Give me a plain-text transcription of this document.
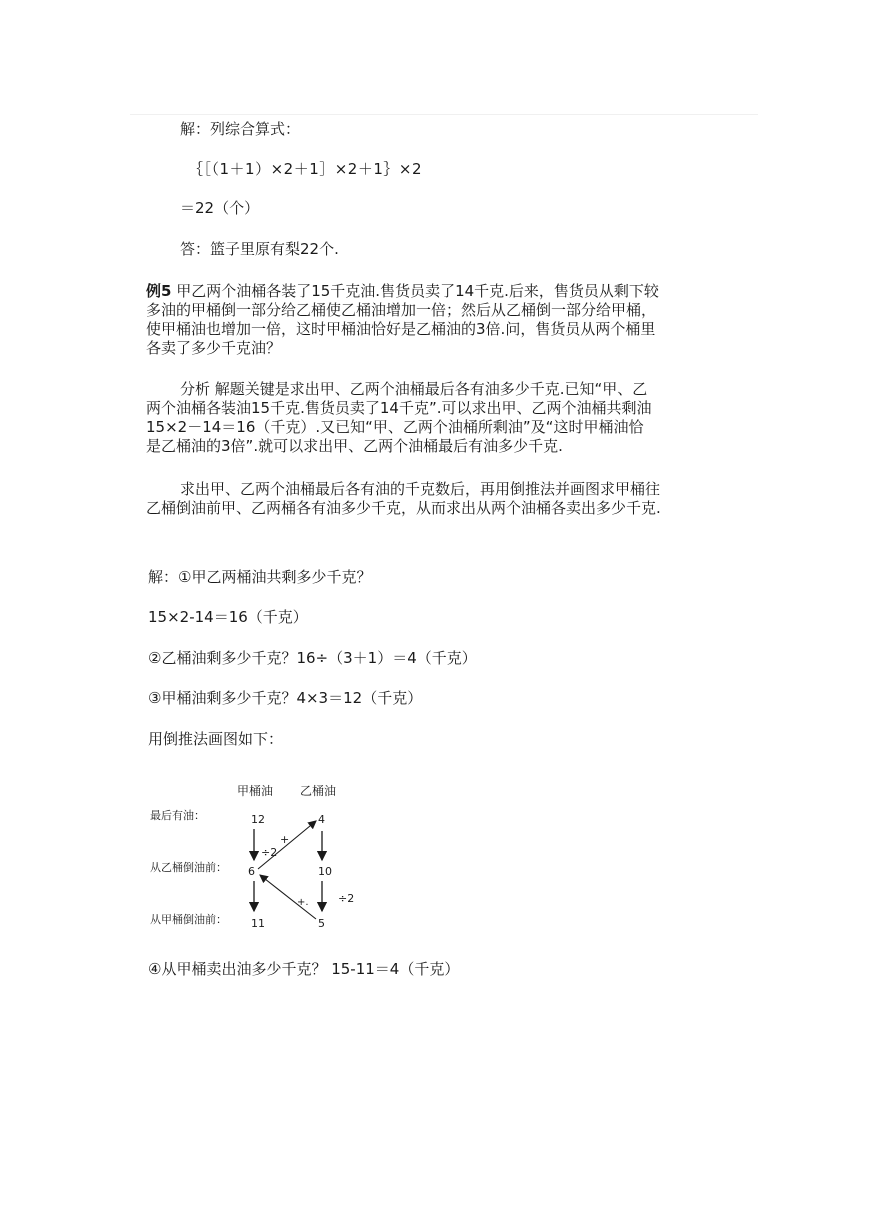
解：列综合算式：
｛［（1＋1）×2＋1］×2＋1｝×2
＝22（个）
答：篮子里原有梨22个.
例5 甲乙两个油桶各装了15千克油.售货员卖了14千克.后来，售货员从剩下较
多油的甲桶倒一部分给乙桶使乙桶油增加一倍；然后从乙桶倒一部分给甲桶，
使甲桶油也增加一倍，这时甲桶油恰好是乙桶油的3倍.问，售货员从两个桶里
各卖了多少千克油？
分析 解题关键是求出甲、乙两个油桶最后各有油多少千克.已知“甲、乙
两个油桶各装油15千克.售货员卖了14千克”.可以求出甲、乙两个油桶共剩油
15×2－14＝16（千克）.又已知“甲、乙两个油桶所剩油”及“这时甲桶油恰
是乙桶油的3倍”.就可以求出甲、乙两个油桶最后有油多少千克.
求出甲、乙两个油桶最后各有油的千克数后，再用倒推法并画图求甲桶往
乙桶倒油前甲、乙两桶各有油多少千克，从而求出从两个油桶各卖出多少千克.
解：①甲乙两桶油共剩多少千克？
15×2-14＝16（千克）
②乙桶油剩多少千克？16÷（3＋1）＝4（千克）
③甲桶油剩多少千克？4×3＝12（千克）
用倒推法画图如下：
甲桶油 乙桶油
最后有油：
从乙桶倒油前：
从甲桶倒油前：
12	4
6	10
11	5
÷2
÷2
+
+.
④从甲桶卖出油多少千克？ 15-11＝4（千克）
